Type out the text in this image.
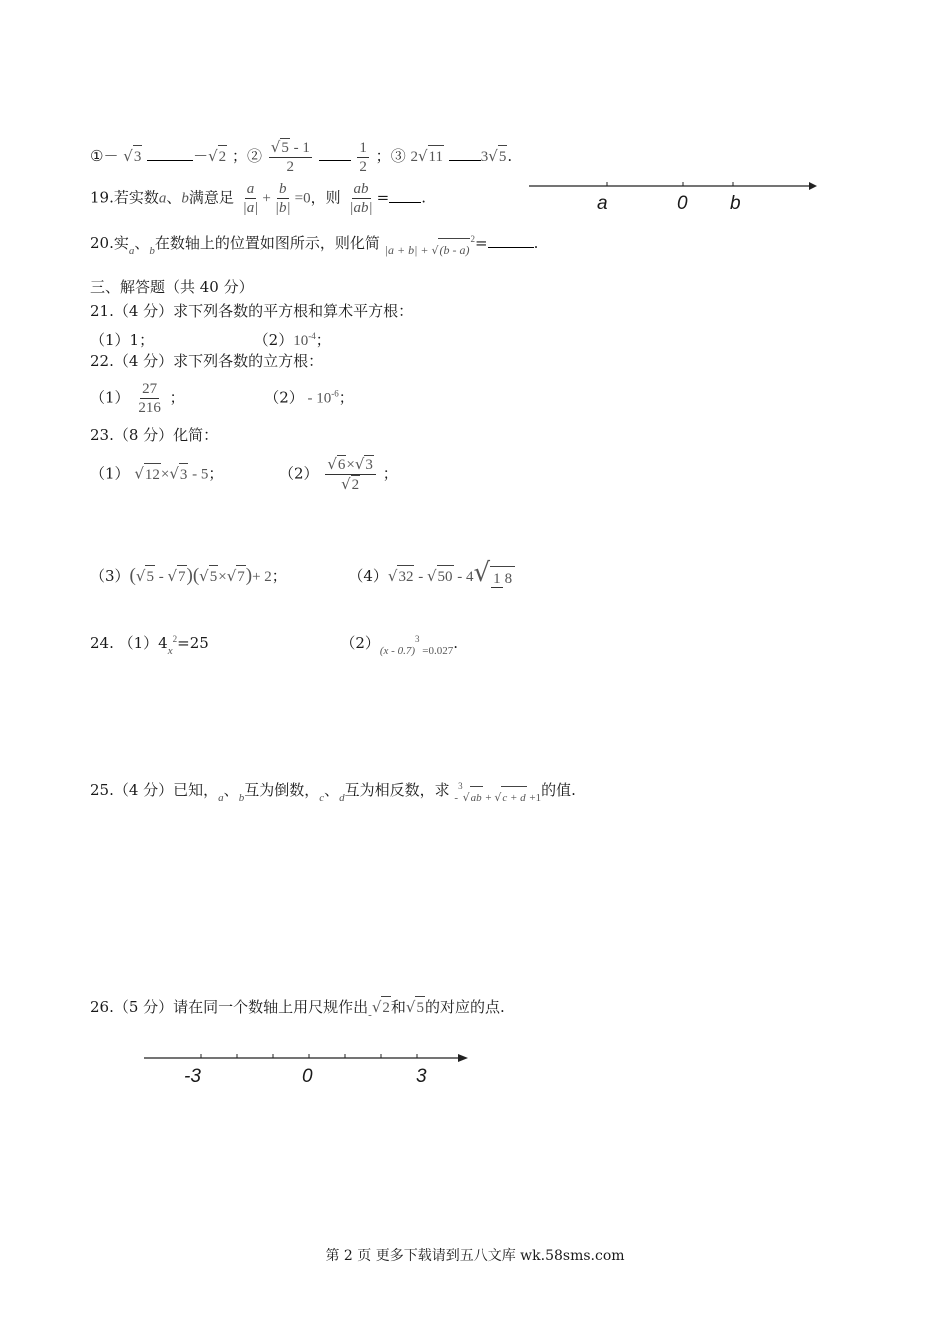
①－ √3	－√2 ；② $\frac{√5 - 1}{2}$
	$\frac{1}{2}$ ；③ 2√11	3√5.
19.若实数a、b满意足 $\frac{a}{|a|} + \frac{b}{|b|} =0$，则 $\frac{ab}{|ab|}$ = .	a	0 b
20.实$_a$、$_b$在数轴上的位置如图所示，则化简 $_{|a + b| +}$ $_√$(b - a)$^2$=	.
三、解答题（共 40 分）
21.（4 分）求下列各数的平方根和算术平方根：
（1）1；	$(2)10^{-4}$；
22.（4 分）求下列各数的立方根：
$(1) \frac{27}{216}$ ；	$(2) - 10^{-6}$；
23.（8 分）化简：
（1） √12×√3 - 5；	$(2) \frac{√6\times√3}{√2}$ ；
（3）(√5 - √7)(√5×√7)+ 2；	（4）√32 - √50 - 4√ 1 8
24. $(1)4_x^2=25$	$(2)_{(x - 0.7)}^3$ $_{=0.027}$.
25.（4 分）已知，$_a$、$_b$互为倒数，$_c$、$_d$互为相反数，求 $_-^3_√$ab $_+$ $_√$c + d $_{+1}$的值.
26.（5 分）请在同一个数轴上用尺规作出$_-$√2和√5的对应的点.
-3	0	3
第 2 页 更多下载请到五八文库 wk.58sms.com
